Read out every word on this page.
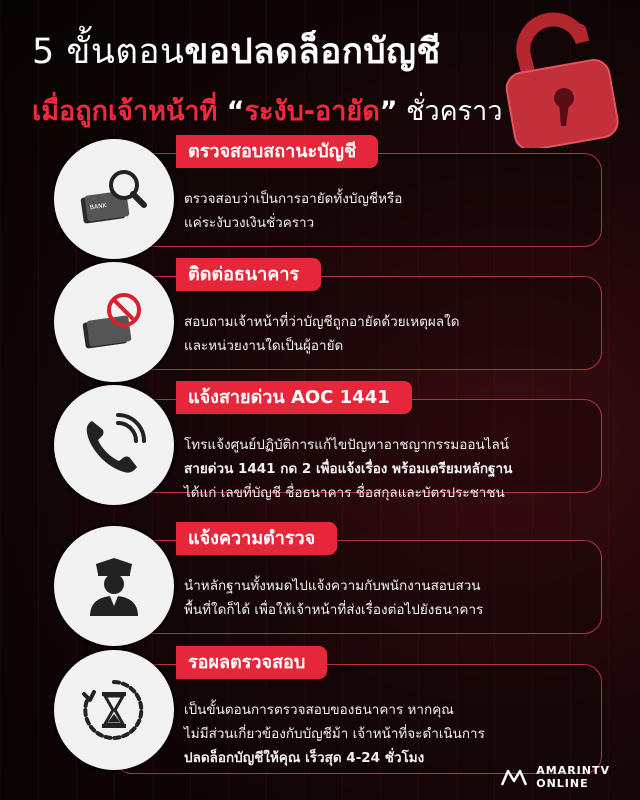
5 ขั้นตอนขอปลดล็อกบัญชี
เมื่อถูกเจ้าหน้าที่ “ระงับ-อายัด” ชั่วคราว
BANK
ตรวจสอบสถานะบัญชี
ตรวจสอบว่าเป็นการอายัดทั้งบัญชีหรือ
แค่ระงับวงเงินชั่วคราว
ติดต่อธนาคาร
สอบถามเจ้าหน้าที่ว่าบัญชีถูกอายัดด้วยเหตุผลใด
และหน่วยงานใดเป็นผู้อายัด
แจ้งสายด่วน AOC 1441
โทรแจ้งศูนย์ปฏิบัติการแก้ไขปัญหาอาชญากรรมออนไลน์
สายด่วน 1441 กด 2 เพื่อแจ้งเรื่อง พร้อมเตรียมหลักฐาน
ได้แก่ เลขที่บัญชี ชื่อธนาคาร ชื่อสกุลและบัตรประชาชน
แจ้งความตำรวจ
นำหลักฐานทั้งหมดไปแจ้งความกับพนักงานสอบสวน
พื้นที่ใดก็ได้ เพื่อให้เจ้าหน้าที่ส่งเรื่องต่อไปยังธนาคาร
รอผลตรวจสอบ
เป็นขั้นตอนการตรวจสอบของธนาคาร หากคุณ
ไม่มีส่วนเกี่ยวข้องกับบัญชีม้า เจ้าหน้าที่จะดำเนินการ
ปลดล็อกบัญชีให้คุณ เร็วสุด 4-24 ชั่วโมง
AMARINTV
ONLINE
